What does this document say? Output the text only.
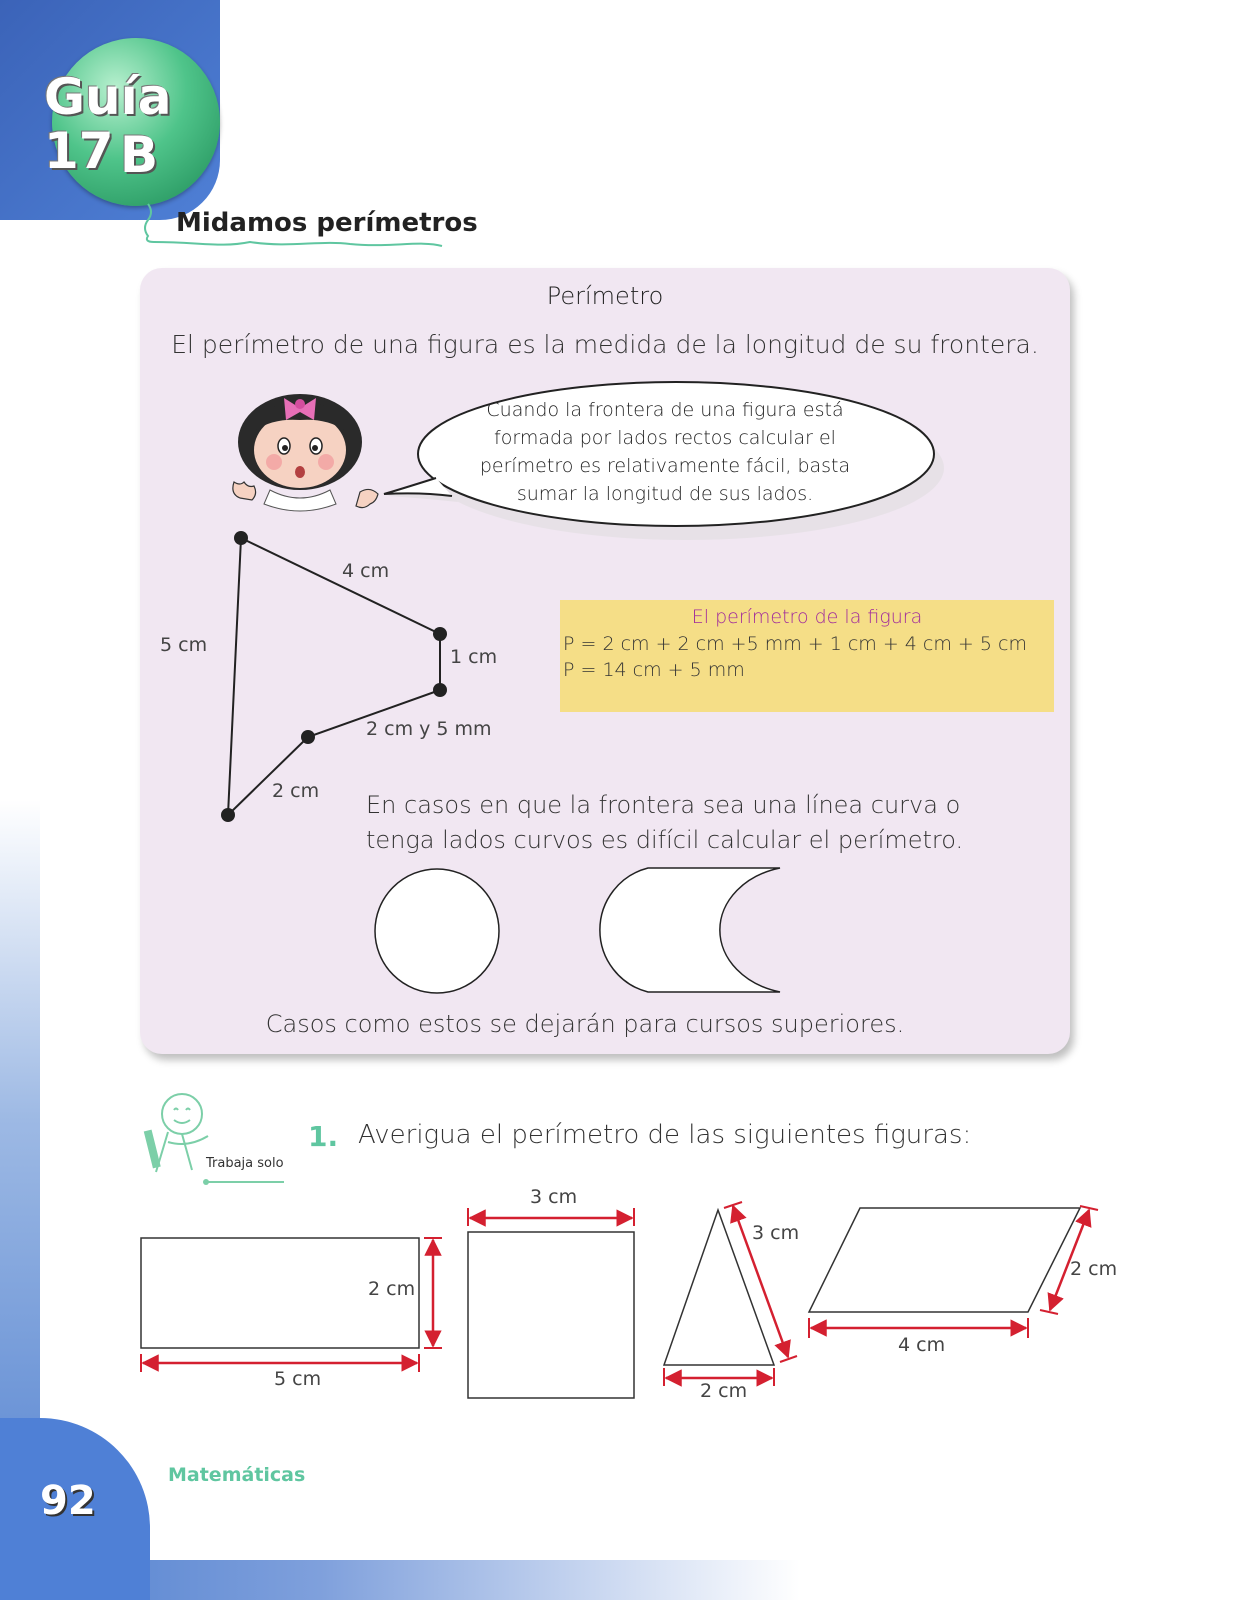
Guía 17 B
Midamos perímetros
Perímetro
El perímetro de una figura es la medida de la longitud de su frontera.
Cuando la frontera de una figura está formada por lados rectos calcular el perímetro es relativamente fácil, basta sumar la longitud de sus lados.
5 cm
4 cm
1 cm
2 cm y 5 mm
2 cm
El perímetro de la figura
P = 2 cm + 2 cm +5 mm + 1 cm + 4 cm + 5 cm
P = 14 cm + 5 mm
En casos en que la frontera sea una línea curva o tenga lados curvos es difícil calcular el perímetro.
Casos como estos se dejarán para cursos superiores.
Trabaja solo
1. Averigua el perímetro de las siguientes figuras:
5 cm
2 cm
3 cm
3 cm
2 cm
2 cm
4 cm
92
Matemáticas
